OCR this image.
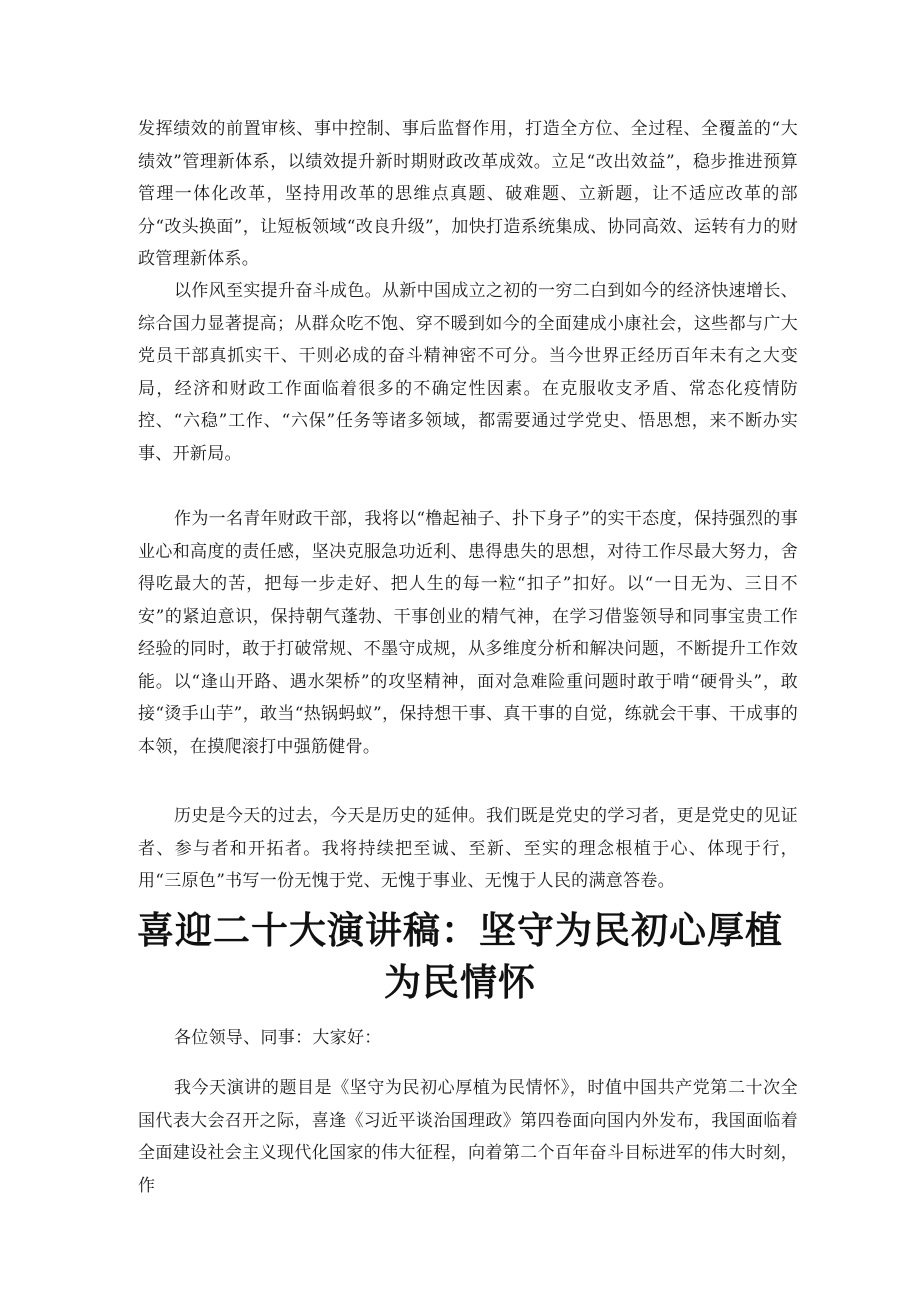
发挥绩效的前置审核、事中控制、事后监督作用，打造全方位、全过程、全覆盖的“大绩效”管理新体系，以绩效提升新时期财政改革成效。立足“改出效益”，稳步推进预算管理一体化改革，坚持用改革的思维点真题、破难题、立新题，让不适应改革的部分“改头换面”，让短板领域“改良升级”，加快打造系统集成、协同高效、运转有力的财政管理新体系。

以作风至实提升奋斗成色。从新中国成立之初的一穷二白到如今的经济快速增长、综合国力显著提高；从群众吃不饱、穿不暖到如今的全面建成小康社会，这些都与广大党员干部真抓实干、干则必成的奋斗精神密不可分。当今世界正经历百年未有之大变局，经济和财政工作面临着很多的不确定性因素。在克服收支矛盾、常态化疫情防控、“六稳”工作、“六保”任务等诸多领域，都需要通过学党史、悟思想，来不断办实事、开新局。

作为一名青年财政干部，我将以“橹起袖子、扑下身子”的实干态度，保持强烈的事业心和高度的责任感，坚决克服急功近利、患得患失的思想，对待工作尽最大努力，舍得吃最大的苦，把每一步走好、把人生的每一粒“扣子”扣好。以“一日无为、三日不安”的紧迫意识，保持朝气蓬勃、干事创业的精气神，在学习借鉴领导和同事宝贵工作经验的同时，敢于打破常规、不墨守成规，从多维度分析和解决问题，不断提升工作效能。以“逢山开路、遇水架桥”的攻坚精神，面对急难险重问题时敢于啃“硬骨头”，敢接“烫手山芋”，敢当“热锅蚂蚁”，保持想干事、真干事的自觉，练就会干事、干成事的本领，在摸爬滚打中强筋健骨。

历史是今天的过去，今天是历史的延伸。我们既是党史的学习者，更是党史的见证者、参与者和开拓者。我将持续把至诚、至新、至实的理念根植于心、体现于行，用“三原色”书写一份无愧于党、无愧于事业、无愧于人民的满意答卷。

喜迎二十大演讲稿：坚守为民初心厚植为民情怀

各位领导、同事：大家好：

我今天演讲的题目是《坚守为民初心厚植为民情怀》，时值中国共产党第二十次全国代表大会召开之际，喜逢《习近平谈治国理政》第四卷面向国内外发布，我国面临着全面建设社会主义现代化国家的伟大征程，向着第二个百年奋斗目标进军的伟大时刻，作
